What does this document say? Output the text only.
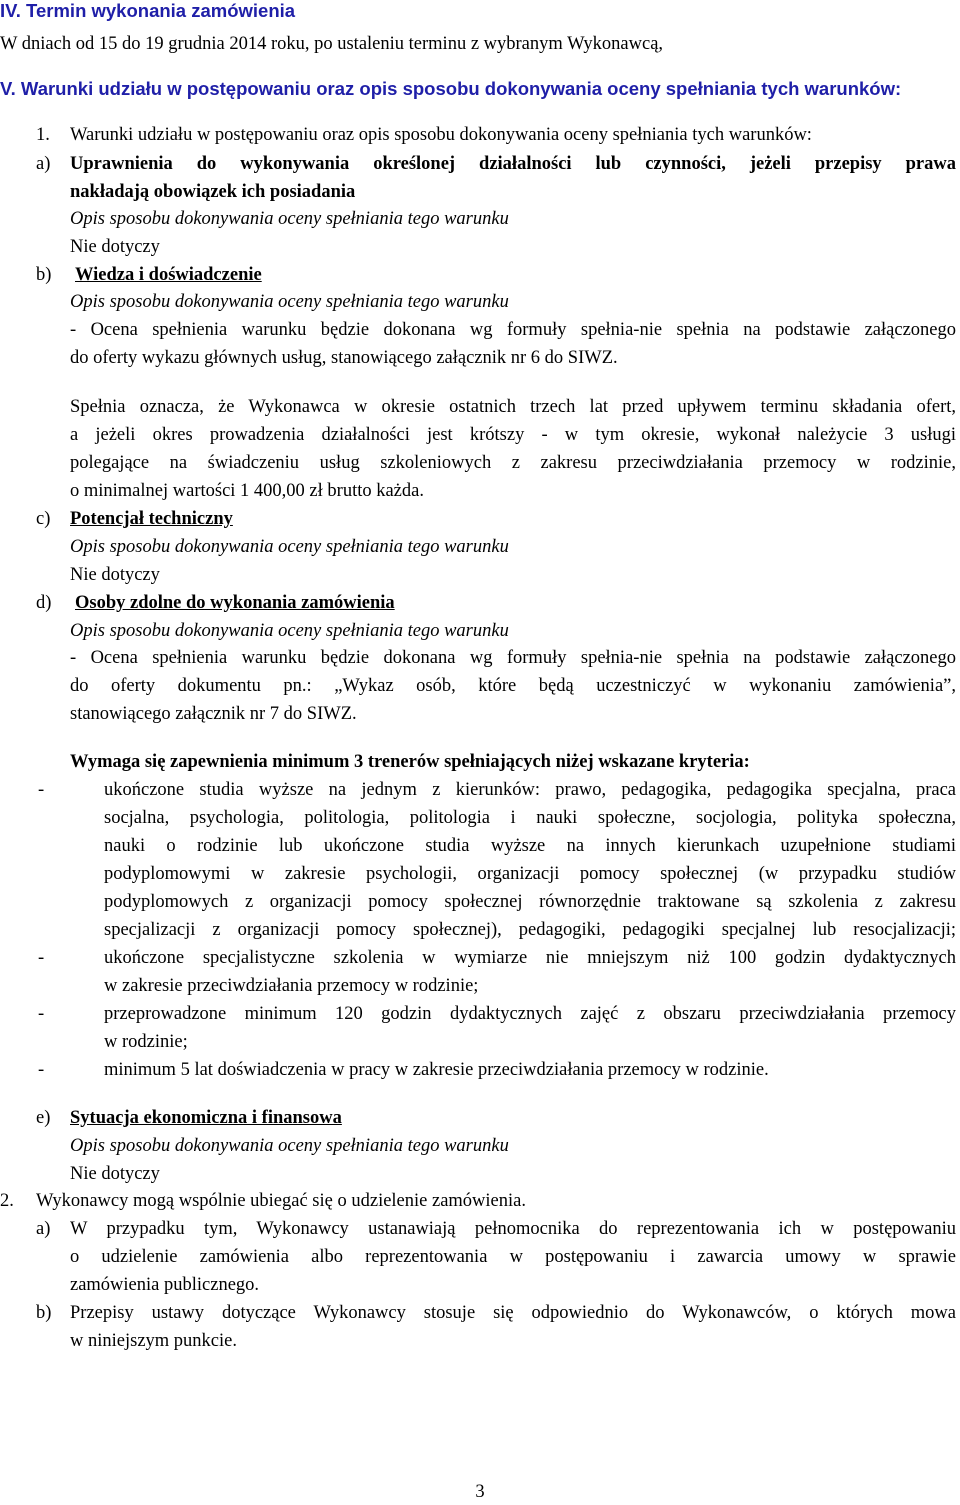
IV. Termin wykonania zamówienia
W dniach od 15 do 19 grudnia 2014 roku, po ustaleniu terminu z wybranym Wykonawcą,
V. Warunki udziału w postępowaniu oraz opis sposobu dokonywania oceny spełniania tych warunków:
1. Warunki udziału w postępowaniu oraz opis sposobu dokonywania oceny spełniania tych warunków:
a) Uprawnienia do wykonywania określonej działalności lub czynności, jeżeli przepisy prawa
nakładają obowiązek ich posiadania
Opis sposobu dokonywania oceny spełniania tego warunku
Nie dotyczy
b) Wiedza i doświadczenie
Opis sposobu dokonywania oceny spełniania tego warunku
- Ocena spełnienia warunku będzie dokonana wg formuły spełnia-nie spełnia na podstawie załączonego
do oferty wykazu głównych usług, stanowiącego załącznik nr 6 do SIWZ.
Spełnia oznacza, że Wykonawca w okresie ostatnich trzech lat przed upływem terminu składania ofert,
a jeżeli okres prowadzenia działalności jest krótszy - w tym okresie, wykonał należycie 3 usługi
polegające na świadczeniu usług szkoleniowych z zakresu przeciwdziałania przemocy w rodzinie,
o minimalnej wartości 1 400,00 zł brutto każda.
c) Potencjał techniczny
Opis sposobu dokonywania oceny spełniania tego warunku
Nie dotyczy
d) Osoby zdolne do wykonania zamówienia
Opis sposobu dokonywania oceny spełniania tego warunku
- Ocena spełnienia warunku będzie dokonana wg formuły spełnia-nie spełnia na podstawie załączonego
do oferty dokumentu pn.: „Wykaz osób, które będą uczestniczyć w wykonaniu zamówienia”,
stanowiącego załącznik nr 7 do SIWZ.
Wymaga się zapewnienia minimum 3 trenerów spełniających niżej wskazane kryteria:
-	ukończone studia wyższe na jednym z kierunków: prawo, pedagogika, pedagogika specjalna, praca
socjalna, psychologia, politologia, politologia i nauki społeczne, socjologia, polityka społeczna,
nauki o rodzinie lub ukończone studia wyższe na innych kierunkach uzupełnione studiami
podyplomowymi w zakresie psychologii, organizacji pomocy społecznej (w przypadku studiów
podyplomowych z organizacji pomocy społecznej równorzędnie traktowane są szkolenia z zakresu
specjalizacji z organizacji pomocy społecznej), pedagogiki, pedagogiki specjalnej lub resocjalizacji;
-	ukończone specjalistyczne szkolenia w wymiarze nie mniejszym niż 100 godzin dydaktycznych
w zakresie przeciwdziałania przemocy w rodzinie;
-	przeprowadzone minimum 120 godzin dydaktycznych zajęć z obszaru przeciwdziałania przemocy
w rodzinie;
-	minimum 5 lat doświadczenia w pracy w zakresie przeciwdziałania przemocy w rodzinie.
e) Sytuacja ekonomiczna i finansowa
Opis sposobu dokonywania oceny spełniania tego warunku
Nie dotyczy
2. Wykonawcy mogą wspólnie ubiegać się o udzielenie zamówienia.
a) W przypadku tym, Wykonawcy ustanawiają pełnomocnika do reprezentowania ich w postępowaniu
o udzielenie zamówienia albo reprezentowania w postępowaniu i zawarcia umowy w sprawie
zamówienia publicznego.
b) Przepisy ustawy dotyczące Wykonawcy stosuje się odpowiednio do Wykonawców, o których mowa
w niniejszym punkcie.
3
